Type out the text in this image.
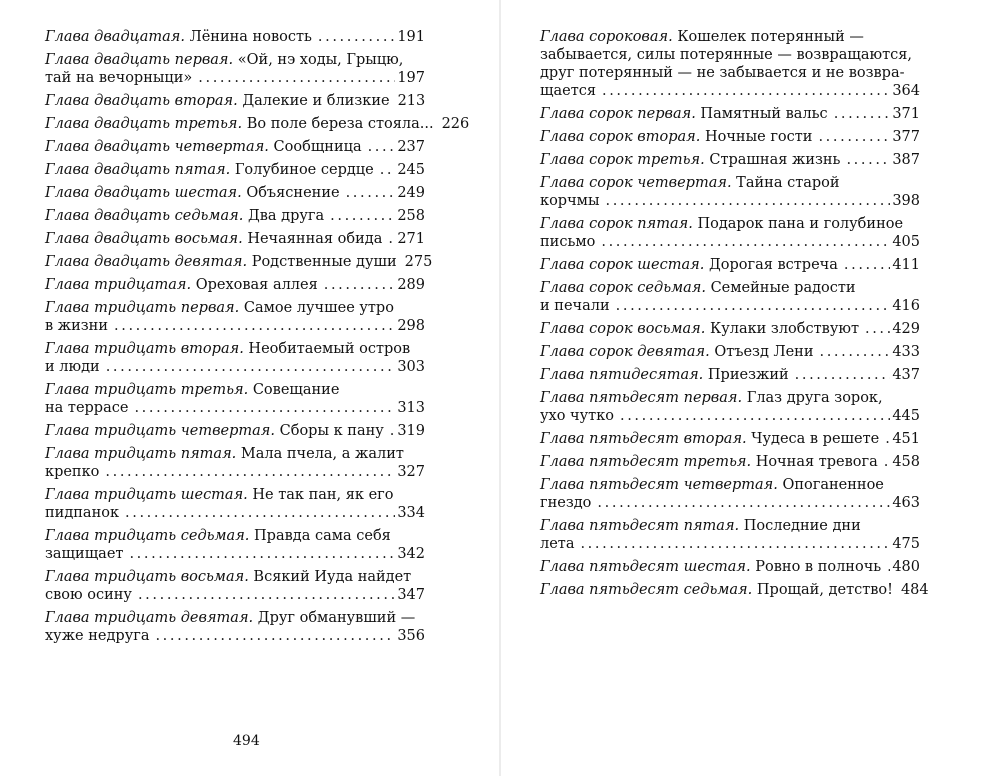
Глава двадцатая. Лёнина новость . . .	191
Глава двадцать первая. «Ой, нэ ходы, Грыцю,
тай на вечорныци» . . .	197
Глава двадцать вторая. Далекие и близкие 213
Глава двадцать третья. Во поле береза стояла... 226
Глава двадцать четвертая. Сообщница . . . 237
Глава двадцать пятая. Голубиное сердце . . . 245
Глава двадцать шестая. Объяснение . . .	249
Глава двадцать седьмая. Два друга . . .	258
Глава двадцать восьмая. Нечаянная обида . . . 271
Глава двадцать девятая. Родственные души 275
Глава тридцатая. Ореховая аллея . . .	289
Глава тридцать первая. Самое лучшее утро
в жизни . . .	298
Глава тридцать вторая. Необитаемый остров
и люди . . .	303
Глава тридцать третья. Совещание
на террасе . . .	313
Глава тридцать четвертая. Сборы к пану . . . 319
Глава тридцать пятая. Мала пчела, а жалит
крепко . . .	327
Глава тридцать шестая. Не так пан, як его
пидпанок . . .	334
Глава тридцать седьмая. Правда сама себя
защищает . . .	342
Глава тридцать восьмая. Всякий Иуда найдет
свою осину . . .	347
Глава тридцать девятая. Друг обманувший —
хуже недруга . . .	356
494
Глава сороковая. Кошелек потерянный —
забывается, силы потерянные — возвращаются,
друг потерянный — не забывается и не возвра-
щается . . .	364
Глава сорок первая. Памятный вальс . . .	371
Глава сорок вторая. Ночные гости . . .	377
Глава сорок третья. Страшная жизнь . . .	387
Глава сорок четвертая. Тайна старой
корчмы . . .	398
Глава сорок пятая. Подарок пана и голубиное
письмо . . .	405
Глава сорок шестая. Дорогая встреча . . .	411
Глава сорок седьмая. Семейные радости
и печали . . .	416
Глава сорок восьмая. Кулаки злобствуют . . . 429
Глава сорок девятая. Отъезд Лени . . .	433
Глава пятидесятая. Приезжий . . .	437
Глава пятьдесят первая. Глаз друга зорок,
ухо чутко . . .	445
Глава пятьдесят вторая. Чудеса в решете . . . 451
Глава пятьдесят третья. Ночная тревога . . . 458
Глава пятьдесят четвертая. Опоганенное
гнездо . . .	463
Глава пятьдесят пятая. Последние дни
лета . . .	475
Глава пятьдесят шестая. Ровно в полночь . . . 480
Глава пятьдесят седьмая. Прощай, детство! 484
